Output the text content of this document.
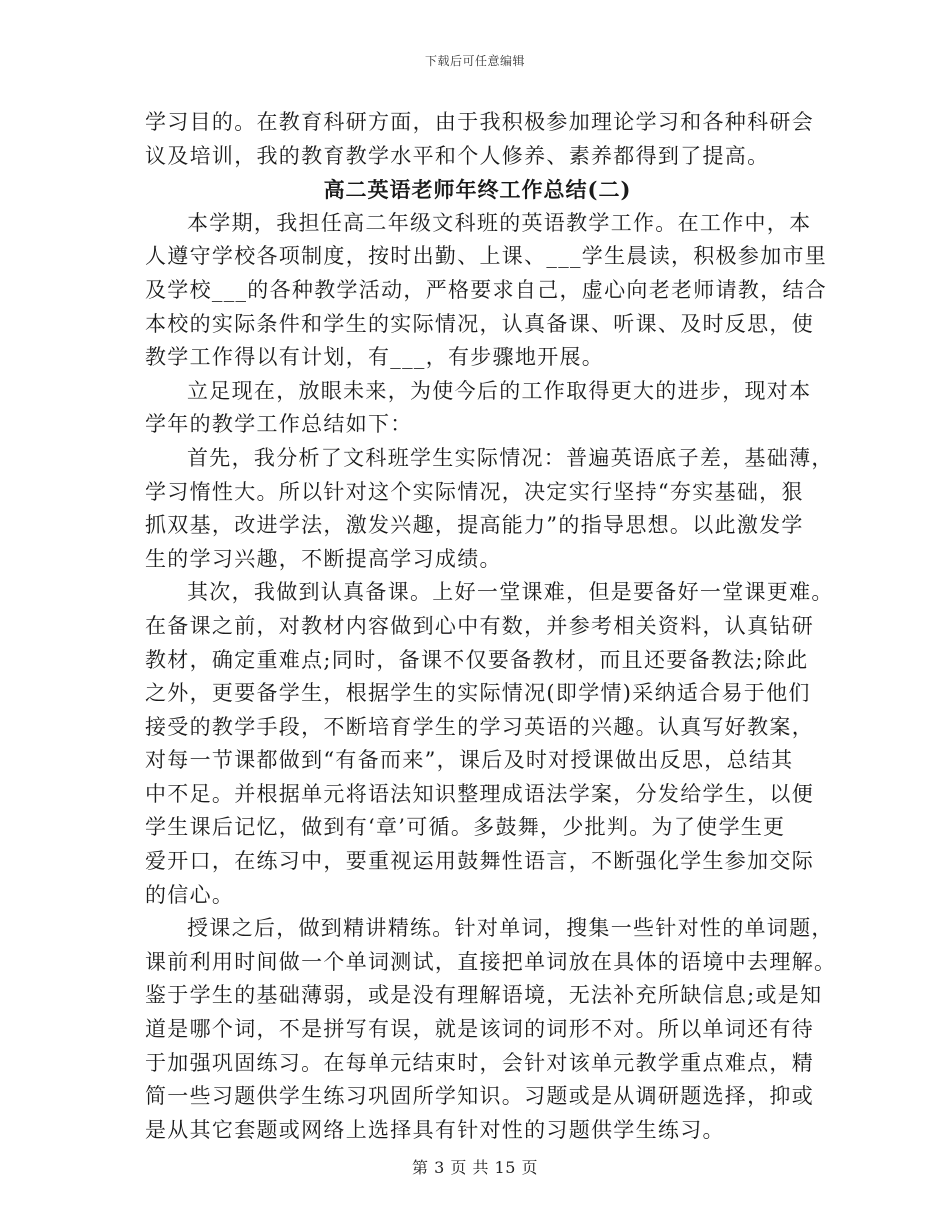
下载后可任意编辑
学习目的。在教育科研方面，由于我积极参加理论学习和各种科研会
议及培训，我的教育教学水平和个人修养、素养都得到了提高。
高二英语老师年终工作总结(二)
本学期，我担任高二年级文科班的英语教学工作。在工作中，本
人遵守学校各项制度，按时出勤、上课、___学生晨读，积极参加市里
及学校___的各种教学活动，严格要求自己，虚心向老老师请教，结合
本校的实际条件和学生的实际情况，认真备课、听课、及时反思，使
教学工作得以有计划，有___，有步骤地开展。
立足现在，放眼未来，为使今后的工作取得更大的进步，现对本
学年的教学工作总结如下：
首先，我分析了文科班学生实际情况：普遍英语底子差，基础薄，
学习惰性大。所以针对这个实际情况，决定实行坚持“夯实基础，狠
抓双基，改进学法，激发兴趣，提高能力”的指导思想。以此激发学
生的学习兴趣，不断提高学习成绩。
其次，我做到认真备课。上好一堂课难，但是要备好一堂课更难。
在备课之前，对教材内容做到心中有数，并参考相关资料，认真钻研
教材，确定重难点;同时，备课不仅要备教材，而且还要备教法;除此
之外，更要备学生，根据学生的实际情况(即学情)采纳适合易于他们
接受的教学手段，不断培育学生的学习英语的兴趣。认真写好教案，
对每一节课都做到“有备而来”，课后及时对授课做出反思，总结其
中不足。并根据单元将语法知识整理成语法学案，分发给学生，以便
学生课后记忆，做到有‘章’可循。多鼓舞，少批判。为了使学生更
爱开口，在练习中，要重视运用鼓舞性语言，不断强化学生参加交际
的信心。
授课之后，做到精讲精练。针对单词，搜集一些针对性的单词题，
课前利用时间做一个单词测试，直接把单词放在具体的语境中去理解。
鉴于学生的基础薄弱，或是没有理解语境，无法补充所缺信息;或是知
道是哪个词，不是拼写有误，就是该词的词形不对。所以单词还有待
于加强巩固练习。在每单元结束时，会针对该单元教学重点难点，精
简一些习题供学生练习巩固所学知识。习题或是从调研题选择，抑或
是从其它套题或网络上选择具有针对性的习题供学生练习。
第 3 页 共 15 页
